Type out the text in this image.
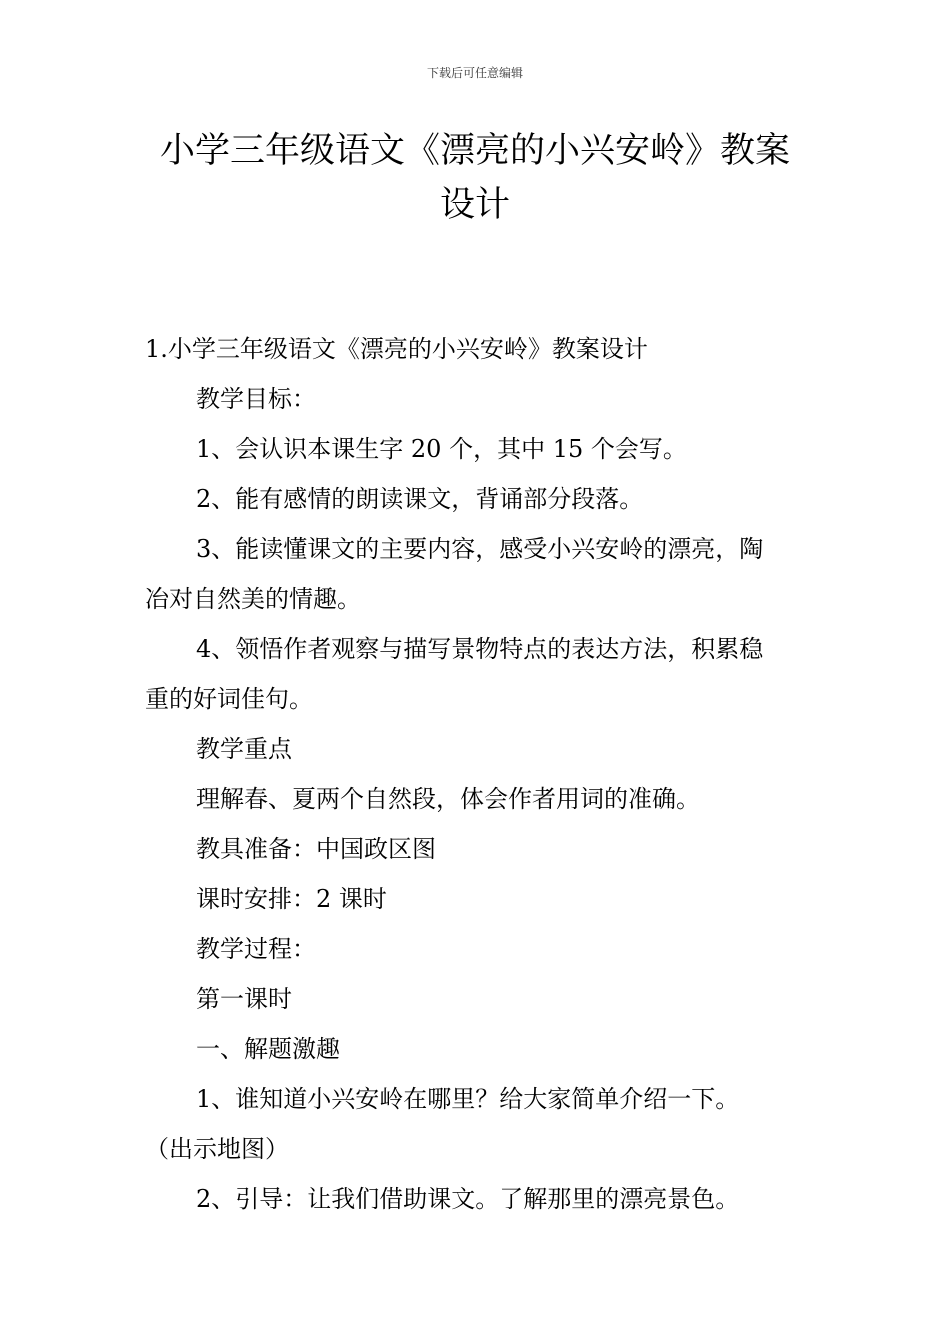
下载后可任意编辑
小学三年级语文《漂亮的小兴安岭》教案
设计
1.小学三年级语文《漂亮的小兴安岭》教案设计
教学目标：
1、会认识本课生字 20 个，其中 15 个会写。
2、能有感情的朗读课文，背诵部分段落。
3、能读懂课文的主要内容，感受小兴安岭的漂亮，陶
冶对自然美的情趣。
4、领悟作者观察与描写景物特点的表达方法，积累稳
重的好词佳句。
教学重点
理解春、夏两个自然段，体会作者用词的准确。
教具准备：中国政区图
课时安排：2 课时
教学过程：
第一课时
一、解题激趣
1、谁知道小兴安岭在哪里？给大家简单介绍一下。
（出示地图）
2、引导：让我们借助课文。了解那里的漂亮景色。
